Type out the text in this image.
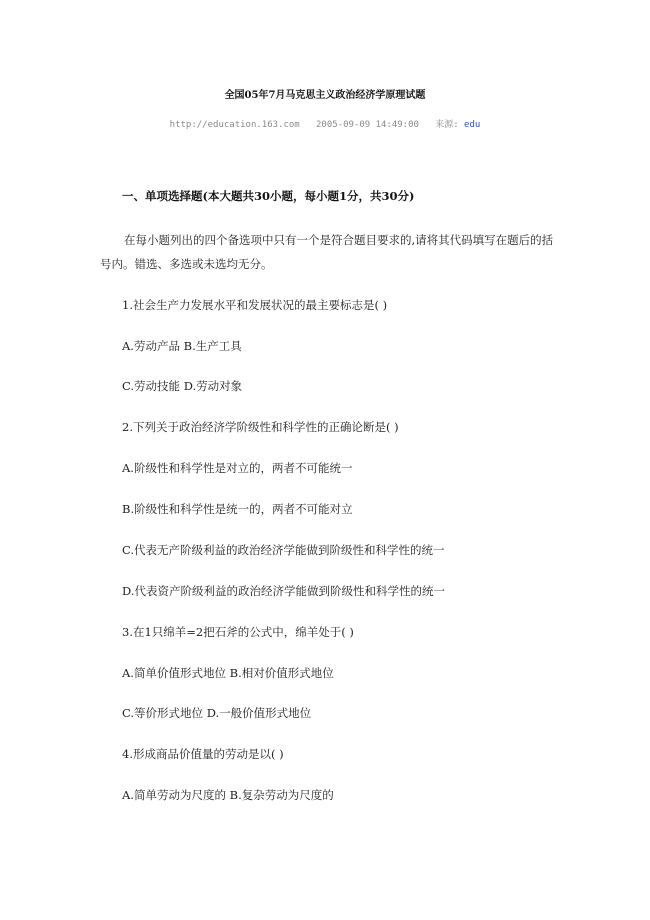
全国05年7月马克思主义政治经济学原理试题
http://education.163.com 2005-09-09 14:49:00 来源: edu
一、单项选择题(本大题共30小题，每小题1分，共30分)

在每小题列出的四个备选项中只有一个是符合题目要求的,请将其代码填写在题后的括号内。错选、多选或未选均无分。

1.社会生产力发展水平和发展状况的最主要标志是( )

A.劳动产品 B.生产工具

C.劳动技能 D.劳动对象

2.下列关于政治经济学阶级性和科学性的正确论断是( )

A.阶级性和科学性是对立的，两者不可能统一

B.阶级性和科学性是统一的，两者不可能对立

C.代表无产阶级利益的政治经济学能做到阶级性和科学性的统一

D.代表资产阶级利益的政治经济学能做到阶级性和科学性的统一

3.在1只绵羊=2把石斧的公式中，绵羊处于( )

A.简单价值形式地位 B.相对价值形式地位

C.等价形式地位 D.一般价值形式地位

4.形成商品价值量的劳动是以( )

A.简单劳动为尺度的 B.复杂劳动为尺度的
